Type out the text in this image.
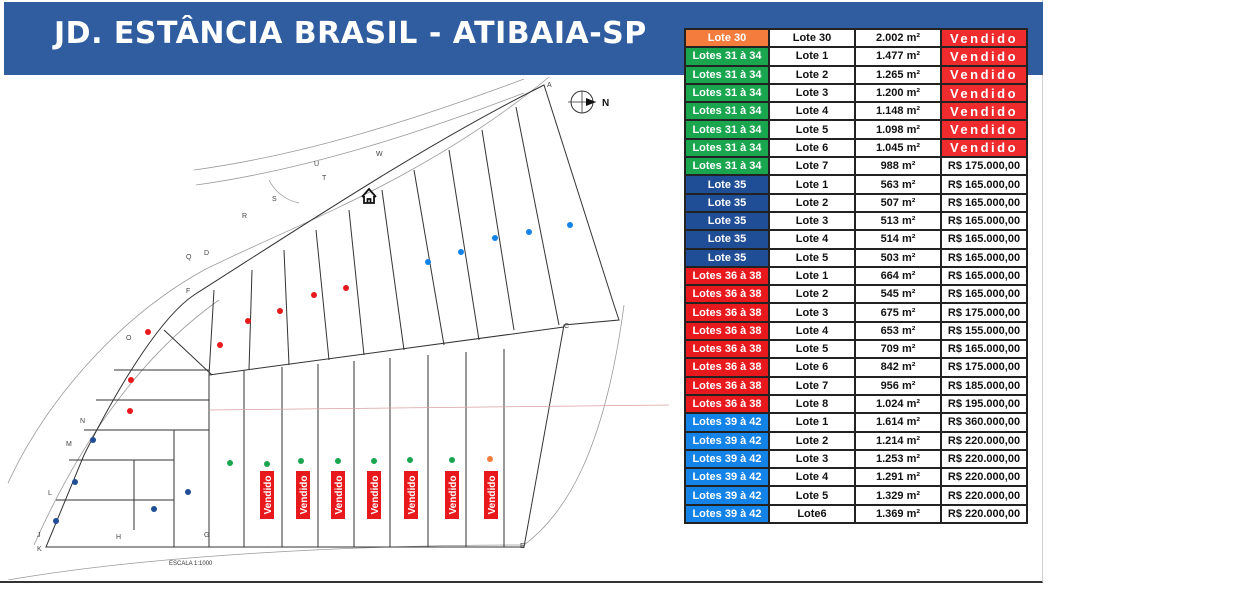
JD. ESTÂNCIA BRASIL - ATIBAIA-SP
Vendido	Vendido Vendido	Vendido	Vendido	Vendido	Vendido
N
ESCALA 1:1000
A
C
D
E
F
G
H
J
K
L
M
N
O
Q
R
S
T
U
W
Lote 30	Lote 30	2.002 m²	Vendido
Lotes 31 à 34	Lote 1	1.477 m²	Vendido
Lotes 31 à 34	Lote 2	1.265 m²	Vendido
Lotes 31 à 34	Lote 3	1.200 m²	Vendido
Lotes 31 à 34	Lote 4	1.148 m²	Vendido
Lotes 31 à 34	Lote 5	1.098 m²	Vendido
Lotes 31 à 34	Lote 6	1.045 m²	Vendido
Lotes 31 à 34	Lote 7	988 m²	R$ 175.000,00
Lote 35	Lote 1	563 m²	R$ 165.000,00
Lote 35	Lote 2	507 m²	R$ 165.000,00
Lote 35	Lote 3	513 m²	R$ 165.000,00
Lote 35	Lote 4	514 m²	R$ 165.000,00
Lote 35	Lote 5	503 m²	R$ 165.000,00
Lotes 36 à 38	Lote 1	664 m²	R$ 165.000,00
Lotes 36 à 38	Lote 2	545 m²	R$ 165.000,00
Lotes 36 à 38	Lote 3	675 m²	R$ 175.000,00
Lotes 36 à 38	Lote 4	653 m²	R$ 155.000,00
Lotes 36 à 38	Lote 5	709 m²	R$ 165.000,00
Lotes 36 à 38	Lote 6	842 m²	R$ 175.000,00
Lotes 36 à 38	Lote 7	956 m²	R$ 185.000,00
Lotes 36 à 38	Lote 8	1.024 m²	R$ 195.000,00
Lotes 39 à 42	Lote 1	1.614 m²	R$ 360.000,00
Lotes 39 à 42	Lote 2	1.214 m²	R$ 220.000,00
Lotes 39 à 42	Lote 3	1.253 m²	R$ 220.000,00
Lotes 39 à 42	Lote 4	1.291 m²	R$ 220.000,00
Lotes 39 à 42	Lote 5	1.329 m²	R$ 220.000,00
Lotes 39 à 42	Lote6	1.369 m²	R$ 220.000,00
